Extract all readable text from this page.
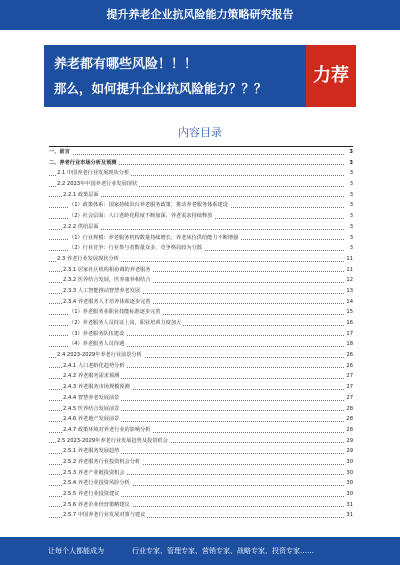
提升养老企业抗风险能力策略研究报告
养老都有哪些风险！！！
那么，如何提升企业抗风险能力？？？
力荐
内容目录
一、前言	3
二、养老行业市场分析及预测	3
2.1 中国养老行业发展现状分析	3
2.2 2023年中国养老行业发展现状	3
2.2.1 政策层面	3
（1）政策体系：国家持续出台养老服务政策，推动养老服务体系建设	3
（2）社会层面：人口老龄化程度不断加深，养老需求持续释放	3
2.2.2 供给层面	3
（1）行业规模：养老服务机构数量持续增长，养老床位供给能力不断增强	3
（2）行业竞争：行业参与者数量众多，竞争格局较为分散	3
2.3 养老行业发展现状分析	11
2.3.1 居家社区机构相协调的养老服务	11
2.3.2 医养结合发展，医养康养相结合	12
2.3.3 人工智能推动智慧养老发展	13
2.3.4 养老服务人才培养体系逐步完善	14
（1）养老服务业职业技能标准逐步完善	15
（2）养老服务人员持证上岗，职业培训力度加大	16
（3）养老服务队伍建设	17
（4）养老服务人员待遇	18
2.4 2023-2029年养老行业前景分析	26
2.4.1 人口老龄化趋势分析	26
2.4.2 养老服务需求预测	27
2.4.3 养老服务市场规模预测	27
2.4.4 智慧养老发展前景	27
2.4.5 医养结合发展前景	28
2.4.6 养老地产发展前景	28
2.4.7 政策环境对养老行业的影响分析	28
2.5 2023-2029年养老行业发展趋势及投资机会	29
2.5.1 养老服务发展趋势	29
2.5.2 养老服务行业投资机会分析	30
2.5.3 养老产业链投资机会	30
2.5.4 养老行业投资风险分析	30
2.5.5 养老行业投资建议	30
2.5.6 养老企业经营策略建议	31
2.5.7 中国养老行业发展对策与建议	31
让每个人都能成为	行业专家、管理专家、营销专家、战略专家、投资专家……
